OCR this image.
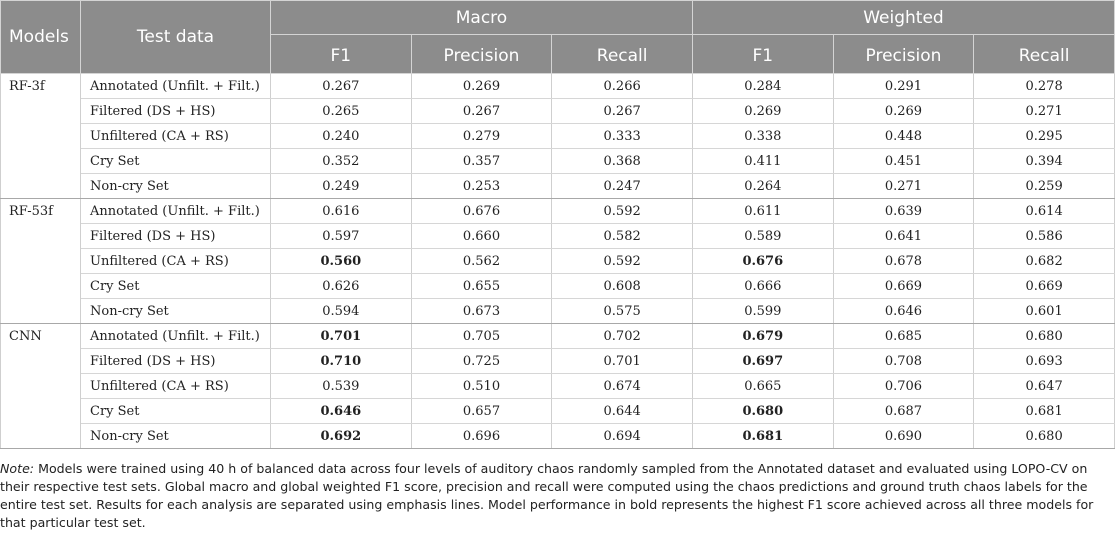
Models	Test data	Macro			Weighted		
		F1	Precision	Recall	F1	Precision	Recall
RF-3f	Annotated (Unfilt. + Filt.)	0.267	0.269	0.266	0.284	0.291	0.278
	Filtered (DS + HS)	0.265	0.267	0.267	0.269	0.269	0.271
	Unfiltered (CA + RS)	0.240	0.279	0.333	0.338	0.448	0.295
	Cry Set	0.352	0.357	0.368	0.411	0.451	0.394
	Non-cry Set	0.249	0.253	0.247	0.264	0.271	0.259
RF-53f	Annotated (Unfilt. + Filt.)	0.616	0.676	0.592	0.611	0.639	0.614
	Filtered (DS + HS)	0.597	0.660	0.582	0.589	0.641	0.586
	Unfiltered (CA + RS)	0.560	0.562	0.592	0.676	0.678	0.682
	Cry Set	0.626	0.655	0.608	0.666	0.669	0.669
	Non-cry Set	0.594	0.673	0.575	0.599	0.646	0.601
CNN	Annotated (Unfilt. + Filt.)	0.701	0.705	0.702	0.679	0.685	0.680
	Filtered (DS + HS)	0.710	0.725	0.701	0.697	0.708	0.693
	Unfiltered (CA + RS)	0.539	0.510	0.674	0.665	0.706	0.647
	Cry Set	0.646	0.657	0.644	0.680	0.687	0.681
	Non-cry Set	0.692	0.696	0.694	0.681	0.690	0.680

Note: Models were trained using 40 h of balanced data across four levels of auditory chaos randomly sampled from the Annotated dataset and evaluated using LOPO-CV on their respective test sets. Global macro and global weighted F1 score, precision and recall were computed using the chaos predictions and ground truth chaos labels for the entire test set. Results for each analysis are separated using emphasis lines. Model performance in bold represents the highest F1 score achieved across all three models for that particular test set.
